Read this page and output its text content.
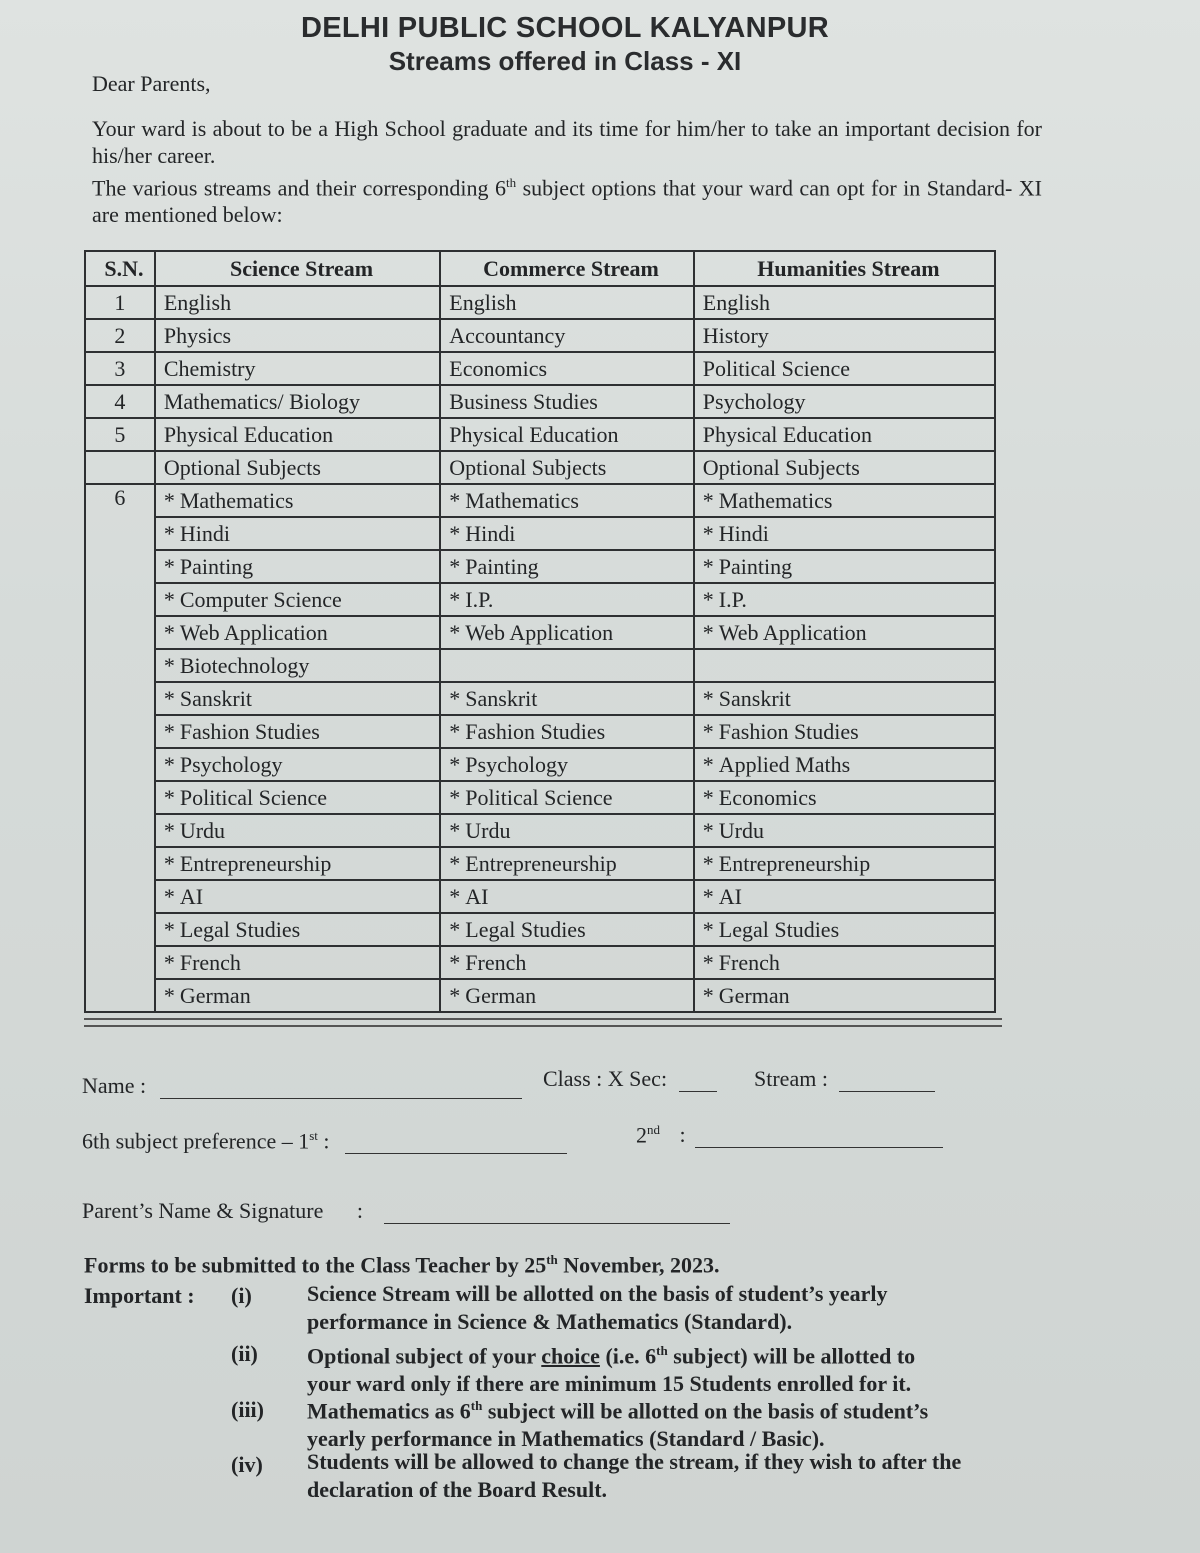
DELHI PUBLIC SCHOOL KALYANPUR
Streams offered in Class - XI
Dear Parents,

Your ward is about to be a High School graduate and its time for him/her to take an important decision for his/her career.

The various streams and their corresponding 6th subject options that your ward can opt for in Standard- XI are mentioned below:

S.N.	Science Stream	Commerce Stream	Humanities Stream
1	English	English	English
2	Physics	Accountancy	History
3	Chemistry	Economics	Political Science
4	Mathematics/ Biology	Business Studies	Psychology
5	Physical Education	Physical Education	Physical Education
	Optional Subjects	Optional Subjects	Optional Subjects
6	* Mathematics	* Mathematics	* Mathematics
	* Hindi	* Hindi	* Hindi
	* Painting	* Painting	* Painting
	* Computer Science	* I.P.	* I.P.
	* Web Application	* Web Application	* Web Application
	* Biotechnology		
	* Sanskrit	* Sanskrit	* Sanskrit
	* Fashion Studies	* Fashion Studies	* Fashion Studies
	* Psychology	* Psychology	* Applied Maths
	* Political Science	* Political Science	* Economics
	* Urdu	* Urdu	* Urdu
	* Entrepreneurship	* Entrepreneurship	* Entrepreneurship
	* AI	* AI	* AI
	* Legal Studies	* Legal Studies	* Legal Studies
	* French	* French	* French
	* German	* German	* German
Name :	Class : X Sec:	Stream :
6th subject preference – 1st :	2nd :
Parent’s Name & Signature :
Forms to be submitted to the Class Teacher by 25th November, 2023.
Important : (i)	Science Stream will be allotted on the basis of student’s yearly
performance in Science & Mathematics (Standard).
(ii) Optional subject of your choice (i.e. 6th subject) will be allotted to
your ward only if there are minimum 15 Students enrolled for it.
(iii) Mathematics as 6th subject will be allotted on the basis of student’s
yearly performance in Mathematics (Standard / Basic).
(iv) Students will be allowed to change the stream, if they wish to after the
declaration of the Board Result.
